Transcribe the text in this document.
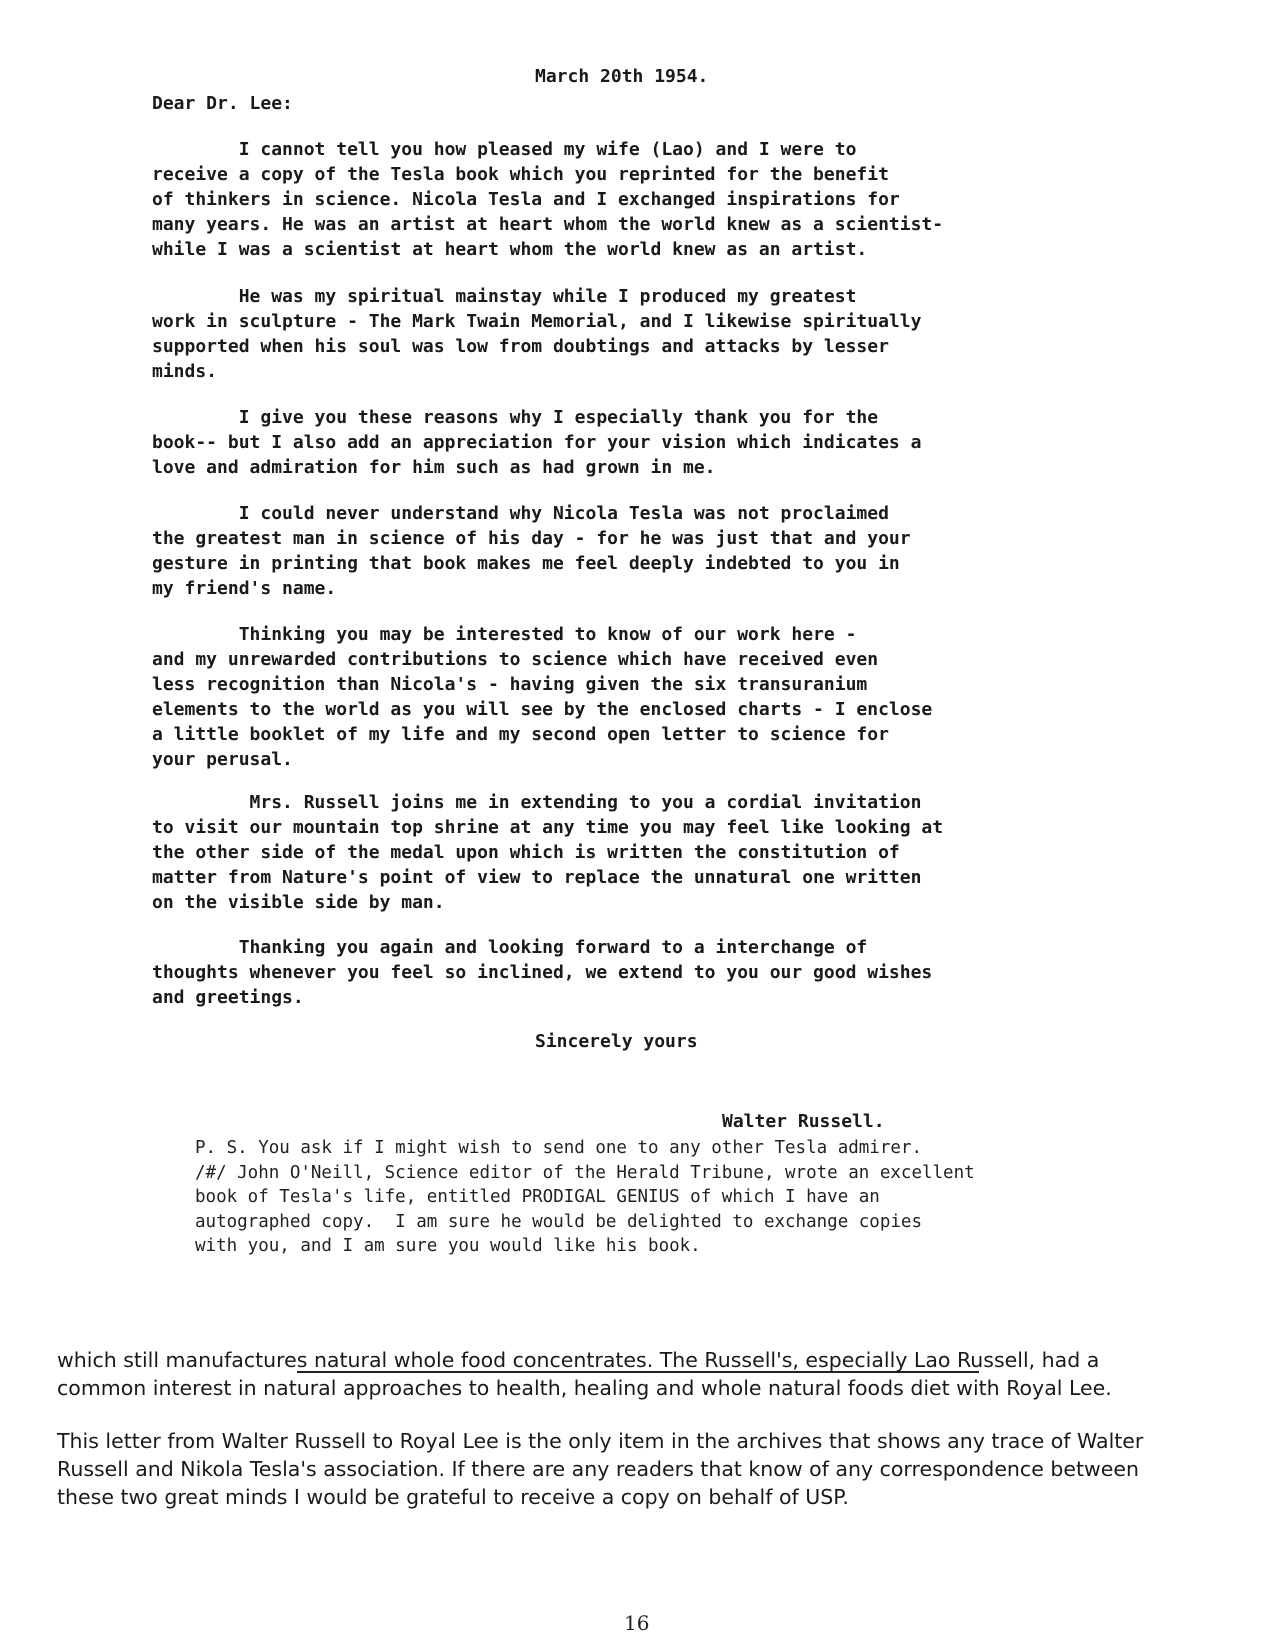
March 20th 1954.
Dear Dr. Lee:
I cannot tell you how pleased my wife (Lao) and I were to
receive a copy of the Tesla book which you reprinted for the benefit
of thinkers in science. Nicola Tesla and I exchanged inspirations for
many years. He was an artist at heart whom the world knew as a scientist-
while I was a scientist at heart whom the world knew as an artist.
He was my spiritual mainstay while I produced my greatest
work in sculpture - The Mark Twain Memorial, and I likewise spiritually
supported when his soul was low from doubtings and attacks by lesser
minds.
I give you these reasons why I especially thank you for the
book-- but I also add an appreciation for your vision which indicates a
love and admiration for him such as had grown in me.
I could never understand why Nicola Tesla was not proclaimed
the greatest man in science of his day - for he was just that and your
gesture in printing that book makes me feel deeply indebted to you in
my friend's name.
Thinking you may be interested to know of our work here -
and my unrewarded contributions to science which have received even
less recognition than Nicola's - having given the six transuranium
elements to the world as you will see by the enclosed charts - I enclose
a little booklet of my life and my second open letter to science for
your perusal.
Mrs. Russell joins me in extending to you a cordial invitation
to visit our mountain top shrine at any time you may feel like looking at
the other side of the medal upon which is written the constitution of
matter from Nature's point of view to replace the unnatural one written
on the visible side by man.
Thanking you again and looking forward to a interchange of
thoughts whenever you feel so inclined, we extend to you our good wishes
and greetings.
Sincerely yours
Walter Russell.
P. S. You ask if I might wish to send one to any other Tesla admirer.
/#/ John O'Neill, Science editor of the Herald Tribune, wrote an excellent
book of Tesla's life, entitled PRODIGAL GENIUS of which I have an
autographed copy.  I am sure he would be delighted to exchange copies
with you, and I am sure you would like his book.
which still manufactures natural whole food concentrates. The Russell's, especially Lao Russell, had a
common interest in natural approaches to health, healing and whole natural foods diet with Royal Lee.
This letter from Walter Russell to Royal Lee is the only item in the archives that shows any trace of Walter
Russell and Nikola Tesla's association. If there are any readers that know of any correspondence between
these two great minds I would be grateful to receive a copy on behalf of USP.
16
